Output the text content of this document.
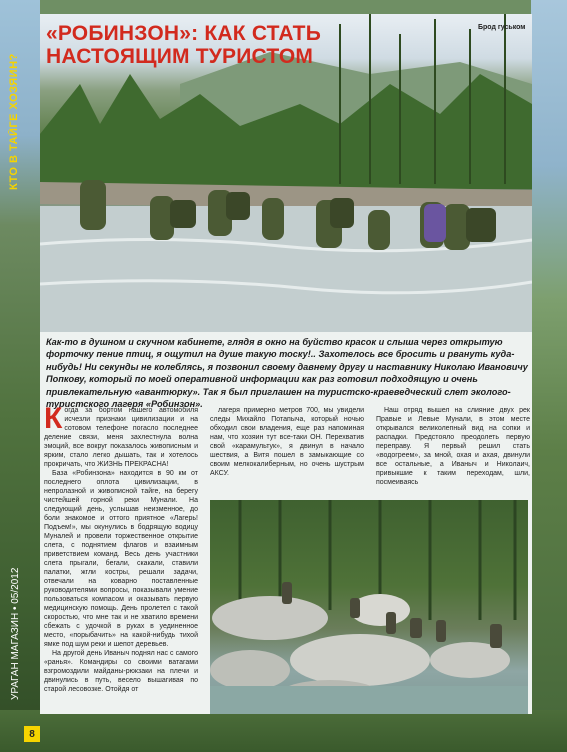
КТО В ТАЙГЕ ХОЗЯИН?
УРАГАН МАГАЗИН • 05/2012
8
«РОБИНЗОН»: КАК СТАТЬ НАСТОЯЩИМ ТУРИСТОМ
Брод гуськом
Как-то в душном и скучном кабинете, глядя в окно на буйство красок и слыша через открытую форточку пение птиц, я ощутил на душе такую тоску!.. Захотелось все бросить и рвануть куда-нибудь! Ни секунды не колеблясь, я позвонил своему давнему другу и наставнику Николаю Ивановичу Попкову, который по моей оперативной информации как раз готовил подходящую и очень привлекательную «авантюрку». Так я был приглашен на туристско-краеведческий слет эколого-туристского лагеря «Робинзон».

Когда за бортом нашего автомобиля исчезли признаки цивилизации и на сотовом телефоне погасло последнее деление связи, меня захлестнула волна эмоций, все вокруг показалось живописным и ярким, стало легко дышать, так и хотелось прокричать, что ЖИЗНЬ ПРЕКРАСНА!

База «Робинзона» находится в 90 км от последнего оплота цивилизации, в непролазной и живописной тайге, на берегу чистейшей горной реки Мунали. На следующий день, услышав неизменное, до боли знакомое и оттого приятное «Лагерь! Подъем!», мы окунулись в бодрящую водицу Муналей и провели торжественное открытие слета, с поднятием флагов и взаимным приветствием команд. Весь день участники слета прыгали, бегали, скакали, ставили палатки, жгли костры, решали задачи, отвечали на коварно поставленные руководителями вопросы, показывали умение пользоваться компасом и оказывать первую медицинскую помощь. День пролетел с такой скоростью, что мне так и не хватило времени сбежать с удочкой в руках в уединенное место, «порыбачить» на какой-нибудь тихой ямке под шум реки и шепот деревьев.

На другой день Иваныч поднял нас с самого «ранья». Командиры со своими ватагами взгромоздили майданы-рюкзаки на плечи и двинулись в путь, весело вышагивая по старой лесовозке. Отойдя от

лагеря примерно метров 700, мы увидели следы Михайло Потапыча, который ночью обходил свои владения, еще раз напоминая нам, что хозяин тут все-таки ОН. Перехватив свой «карамультук», я двинул в начало шествия, а Витя пошел в замыкающие со своим мелкокалиберным, но очень шустрым АКСУ.

Наш отряд вышел на слияние двух рек Правые и Левые Мунали, в этом месте открывался великолепный вид на сопки и распадки. Предстояло преодолеть первую переправу. Я первый решил стать «водогреем», за мной, охая и ахая, двинули все остальные, а Иваныч и Николаич, привыкшие к таким переходам, шли, посмеиваясь
